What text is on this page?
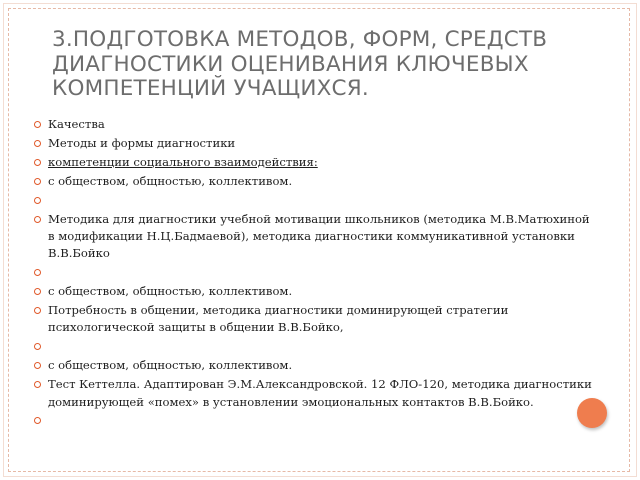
3.ПОДГОТОВКА МЕТОДОВ, ФОРМ, СРЕДСТВ ДИАГНОСТИКИ ОЦЕНИВАНИЯ КЛЮЧЕВЫХ КОМПЕТЕНЦИЙ УЧАЩИХСЯ.
Качества
Методы и формы диагностики
компетенции социального взаимодействия:
с обществом, общностью, коллективом.
Методика для диагностики учебной мотивации школьников (методика М.В.Матюхиной в модификации Н.Ц.Бадмаевой), методика диагностики коммуникативной установки В.В.Бойко
с обществом, общностью, коллективом.
Потребность в общении, методика диагностики доминирующей стратегии психологической защиты в общении В.В.Бойко,
с обществом, общностью, коллективом.
Тест Кеттелла. Адаптирован Э.М.Александровской. 12 ФЛО-120, методика диагностики доминирующей «помех» в установлении эмоциональных контактов В.В.Бойко.
